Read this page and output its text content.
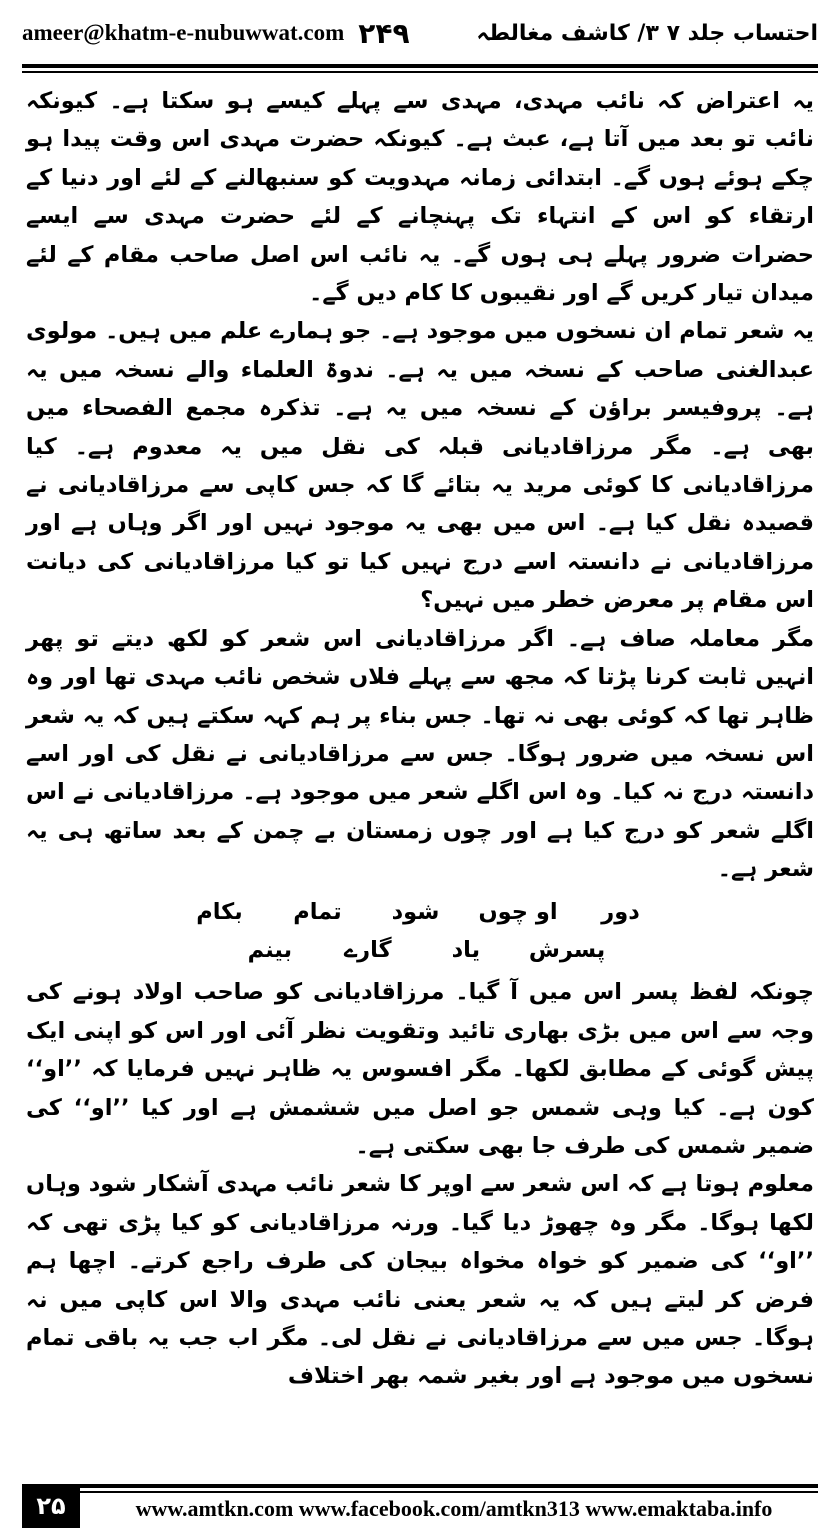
ameer@khatm-e-nubuwwat.com ۲۴۹	احتساب جلد ۷ ۳/ کاشف مغالطہ

یہ اعتراض کہ نائب مہدی، مہدی سے پہلے کیسے ہو سکتا ہے۔ کیونکہ نائب تو بعد میں آتا ہے، عبث ہے۔ کیونکہ حضرت مہدی اس وقت پیدا ہو چکے ہوئے ہوں گے۔ ابتدائی زمانہ مہدویت کو سنبھالنے کے لئے اور دنیا کے ارتقاء کو اس کے انتہاء تک پہنچانے کے لئے حضرت مہدی سے ایسے حضرات ضرور پہلے ہی ہوں گے۔ یہ نائب اس اصل صاحب مقام کے لئے میدان تیار کریں گے اور نقیبوں کا کام دیں گے۔

یہ شعر تمام ان نسخوں میں موجود ہے۔ جو ہمارے علم میں ہیں۔ مولوی عبدالغنی صاحب کے نسخہ میں یہ ہے۔ ندوۃ العلماء والے نسخہ میں یہ ہے۔ پروفیسر براؤن کے نسخہ میں یہ ہے۔ تذکرہ مجمع الفصحاء میں بھی ہے۔ مگر مرزاقادیانی قبلہ کی نقل میں یہ معدوم ہے۔ کیا مرزاقادیانی کا کوئی مرید یہ بتائے گا کہ جس کاپی سے مرزاقادیانی نے قصیدہ نقل کیا ہے۔ اس میں بھی یہ موجود نہیں اور اگر وہاں ہے اور مرزاقادیانی نے دانستہ اسے درج نہیں کیا تو کیا مرزاقادیانی کی دیانت اس مقام پر معرض خطر میں نہیں؟

مگر معاملہ صاف ہے۔ اگر مرزاقادیانی اس شعر کو لکھ دیتے تو پھر انہیں ثابت کرنا پڑتا کہ مجھ سے پہلے فلاں شخص نائب مہدی تھا اور وہ ظاہر تھا کہ کوئی بھی نہ تھا۔ جس بناء پر ہم کہہ سکتے ہیں کہ یہ شعر اس نسخہ میں ضرور ہوگا۔ جس سے مرزاقادیانی نے نقل کی اور اسے دانستہ درج نہ کیا۔ وہ اس اگلے شعر میں موجود ہے۔ مرزاقادیانی نے اس اگلے شعر کو درج کیا ہے اور چوں زمستان بے چمن کے بعد ساتھ ہی یہ شعر ہے۔

دور
او چوں
شود
تمام
بکام
پسرش
یاد
گارے
بینم

چونکہ لفظ پسر اس میں آ گیا۔ مرزاقادیانی کو صاحب اولاد ہونے کی وجہ سے اس میں بڑی بھاری تائید وتقویت نظر آئی اور اس کو اپنی ایک پیش گوئی کے مطابق لکھا۔ مگر افسوس یہ ظاہر نہیں فرمایا کہ ’’او‘‘ کون ہے۔ کیا وہی شمس جو اصل میں ششمش ہے اور کیا ’’او‘‘ کی ضمیر شمس کی طرف جا بھی سکتی ہے۔

معلوم ہوتا ہے کہ اس شعر سے اوپر کا شعر نائب مہدی آشکار شود وہاں لکھا ہوگا۔ مگر وہ چھوڑ دیا گیا۔ ورنہ مرزاقادیانی کو کیا پڑی تھی کہ ’’او‘‘ کی ضمیر کو خواہ مخواہ بیجان کی طرف راجع کرتے۔ اچھا ہم فرض کر لیتے ہیں کہ یہ شعر یعنی نائب مہدی والا اس کاپی میں نہ ہوگا۔ جس میں سے مرزاقادیانی نے نقل لی۔ مگر اب جب یہ باقی تمام نسخوں میں موجود ہے اور بغیر شمہ بھر اختلاف

۲۵	www.amtkn.com www.facebook.com/amtkn313 www.emaktaba.info
